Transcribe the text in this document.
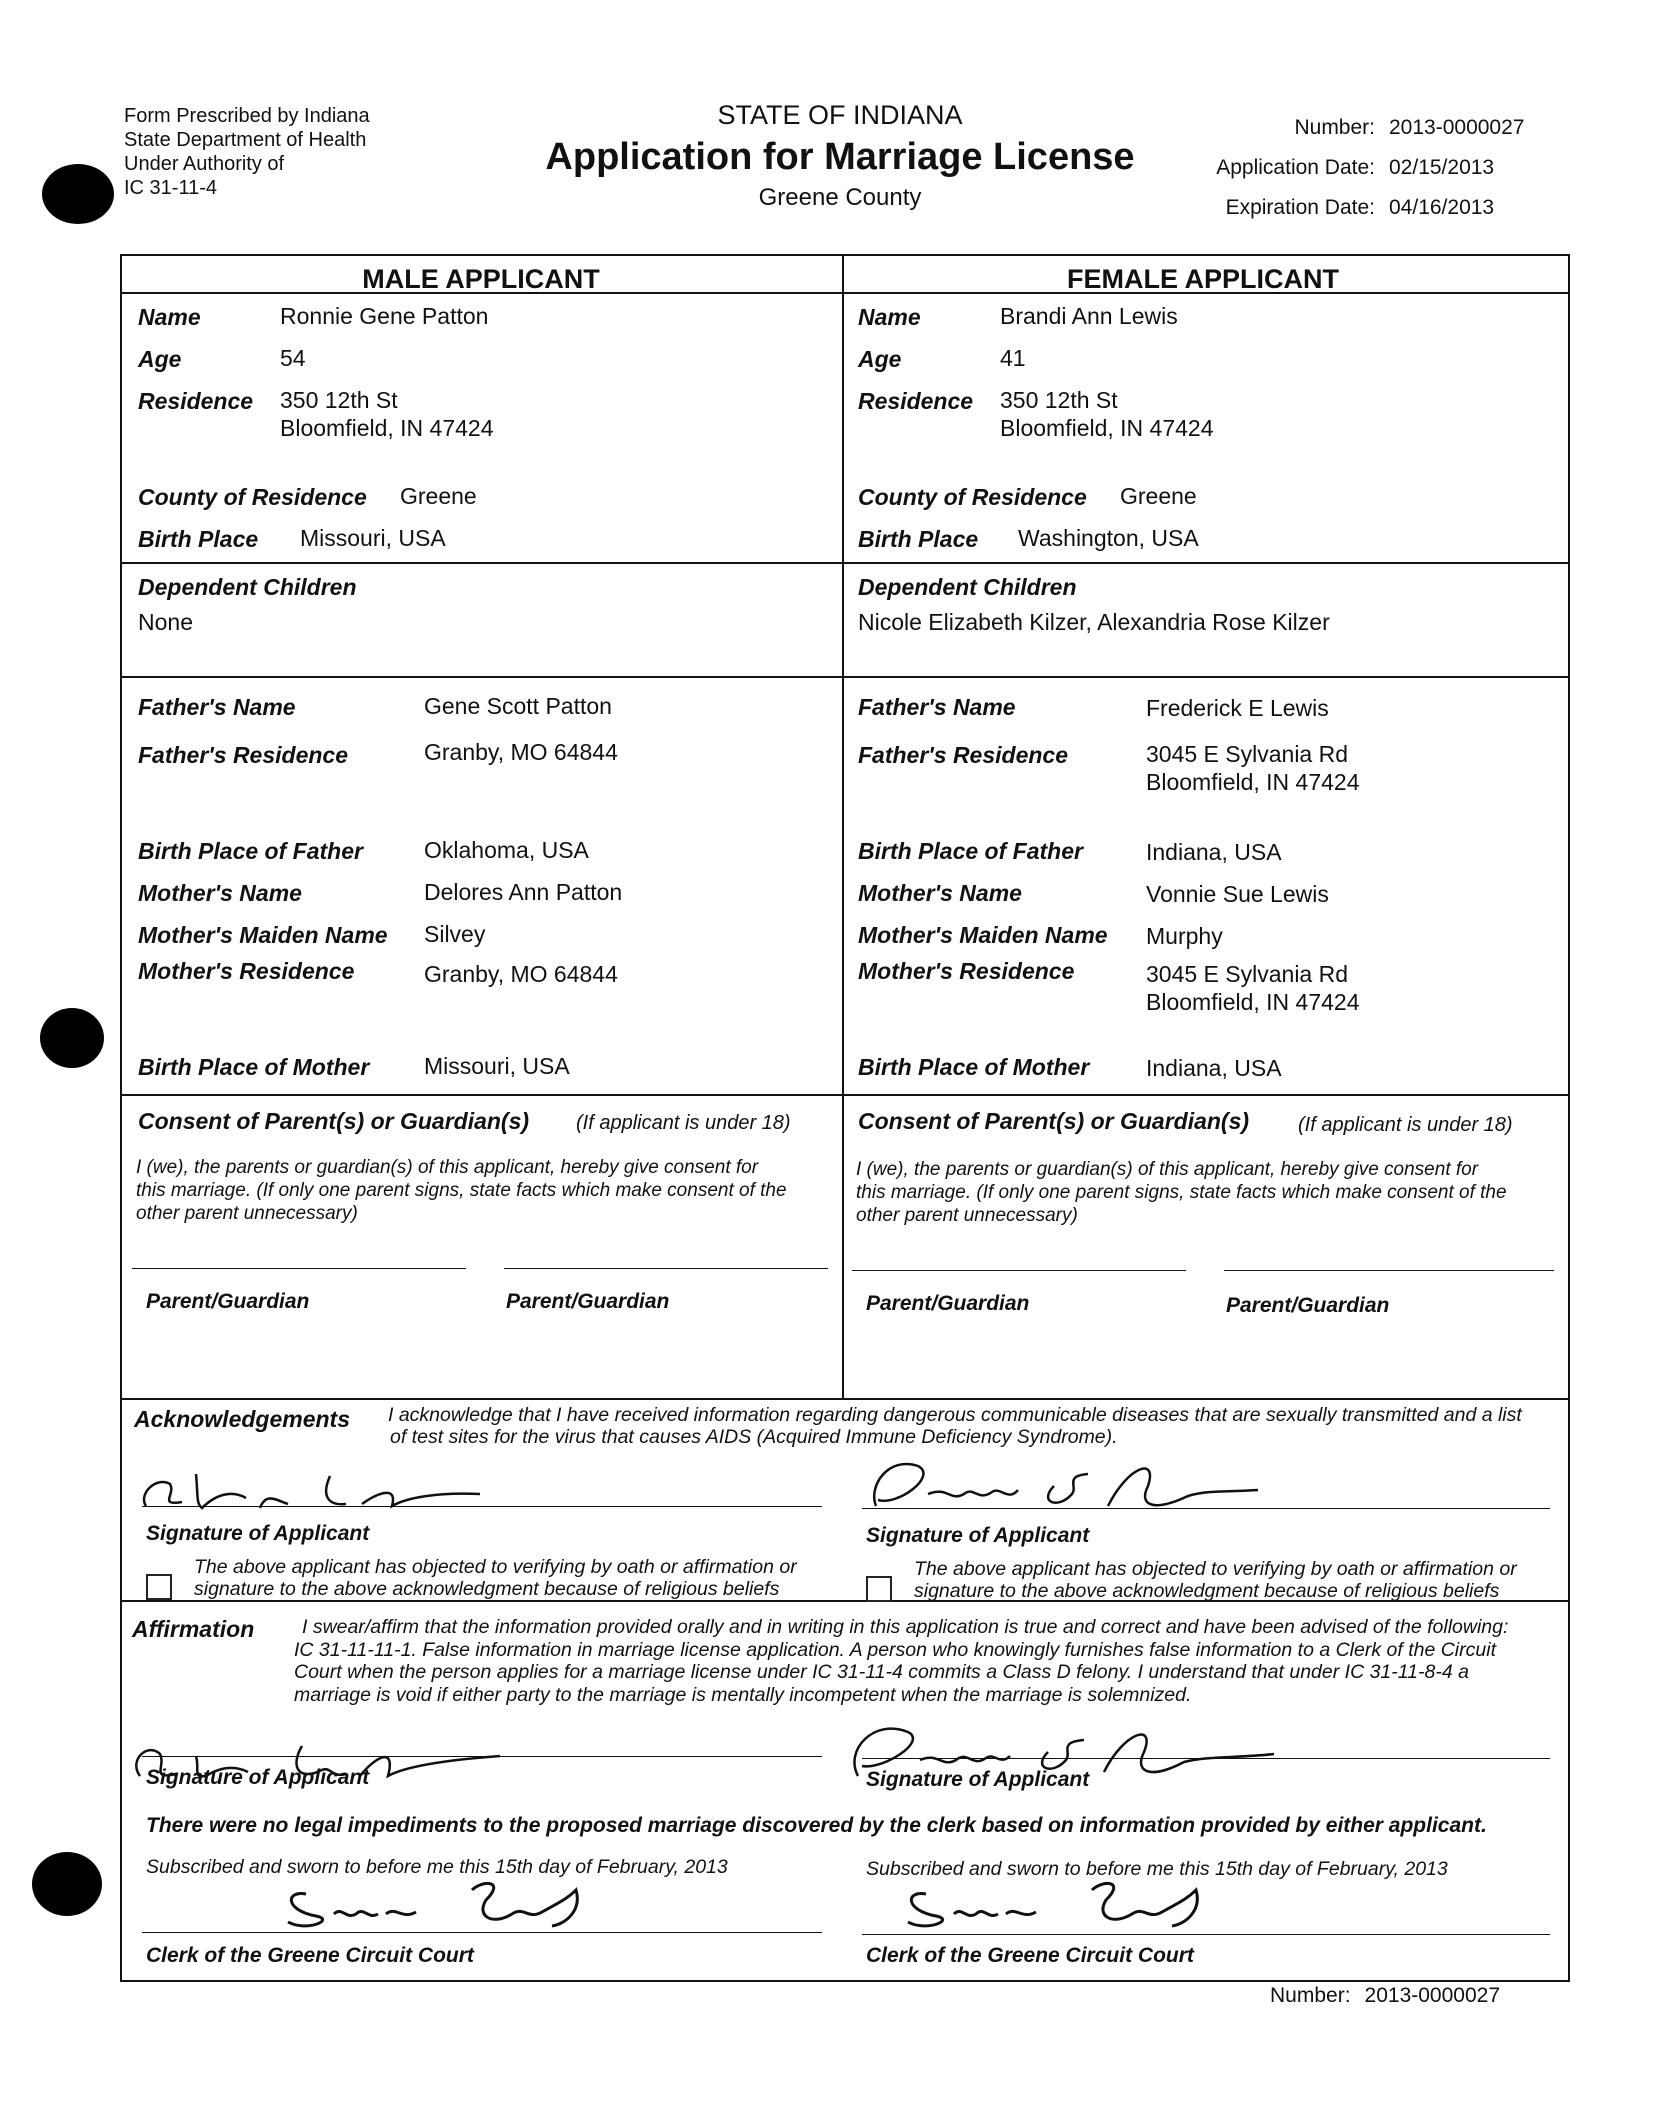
Form Prescribed by Indiana
State Department of Health
Under Authority of
IC 31-11-4
STATE OF INDIANA
Application for Marriage License
Greene County
Number: 2013-0000027
Application Date: 02/15/2013
Expiration Date: 04/16/2013
MALE APPLICANT	FEMALE APPLICANT
Name	Ronnie Gene Patton
Age	54
Residence 350 12th St
Bloomfield, IN 47424
County of Residence Greene
Birth Place Missouri, USA
Dependent Children
None
Father's Name	Gene Scott Patton
Father's Residence	Granby, MO 64844
Birth Place of Father	Oklahoma, USA
Mother's Name	Delores Ann Patton
Mother's Maiden Name Silvey
Mother's Residence	Granby, MO 64844
Birth Place of Mother Missouri, USA
Name	Brandi Ann Lewis
Age	41
Residence 350 12th St
Bloomfield, IN 47424
County of Residence Greene
Birth Place Washington, USA
Dependent Children
Nicole Elizabeth Kilzer, Alexandria Rose Kilzer
Father's Name	Frederick E Lewis
Father's Residence	3045 E Sylvania Rd
Bloomfield, IN 47424
Birth Place of Father	Indiana, USA
Mother's Name	Vonnie Sue Lewis
Mother's Maiden Name Murphy
Mother's Residence	3045 E Sylvania Rd
Bloomfield, IN 47424
Birth Place of Mother Indiana, USA
Consent of Parent(s) or Guardian(s) (If applicant is under 18)
I (we), the parents or guardian(s) of this applicant, hereby give consent for
this marriage. (If only one parent signs, state facts which make consent of the
other parent unnecessary)
Parent/Guardian	Parent/Guardian
Consent of Parent(s) or Guardian(s) (If applicant is under 18)
I (we), the parents or guardian(s) of this applicant, hereby give consent for
this marriage. (If only one parent signs, state facts which make consent of the
other parent unnecessary)
Parent/Guardian	Parent/Guardian
Acknowledgements I acknowledge that I have received information regarding dangerous communicable diseases that are sexually transmitted and a list
of test sites for the virus that causes AIDS (Acquired Immune Deficiency Syndrome).
Signature of Applicant
The above applicant has objected to verifying by oath or affirmation or
signature to the above acknowledgment because of religious beliefs
Signature of Applicant
The above applicant has objected to verifying by oath or affirmation or
signature to the above acknowledgment because of religious beliefs
Affirmation	I swear/affirm that the information provided orally and in writing in this application is true and correct and have been advised of the following:
IC 31-11-11-1. False information in marriage license application. A person who knowingly furnishes false information to a Clerk of the Circuit
Court when the person applies for a marriage license under IC 31-11-4 commits a Class D felony. I understand that under IC 31-11-8-4 a
marriage is void if either party to the marriage is mentally incompetent when the marriage is solemnized.
Signature of Applicant	Signature of Applicant
There were no legal impediments to the proposed marriage discovered by the clerk based on information provided by either applicant.
Subscribed and sworn to before me this 15th day of February, 2013
Clerk of the Greene Circuit Court
Subscribed and sworn to before me this 15th day of February, 2013
Clerk of the Greene Circuit Court
Number: 2013-0000027
